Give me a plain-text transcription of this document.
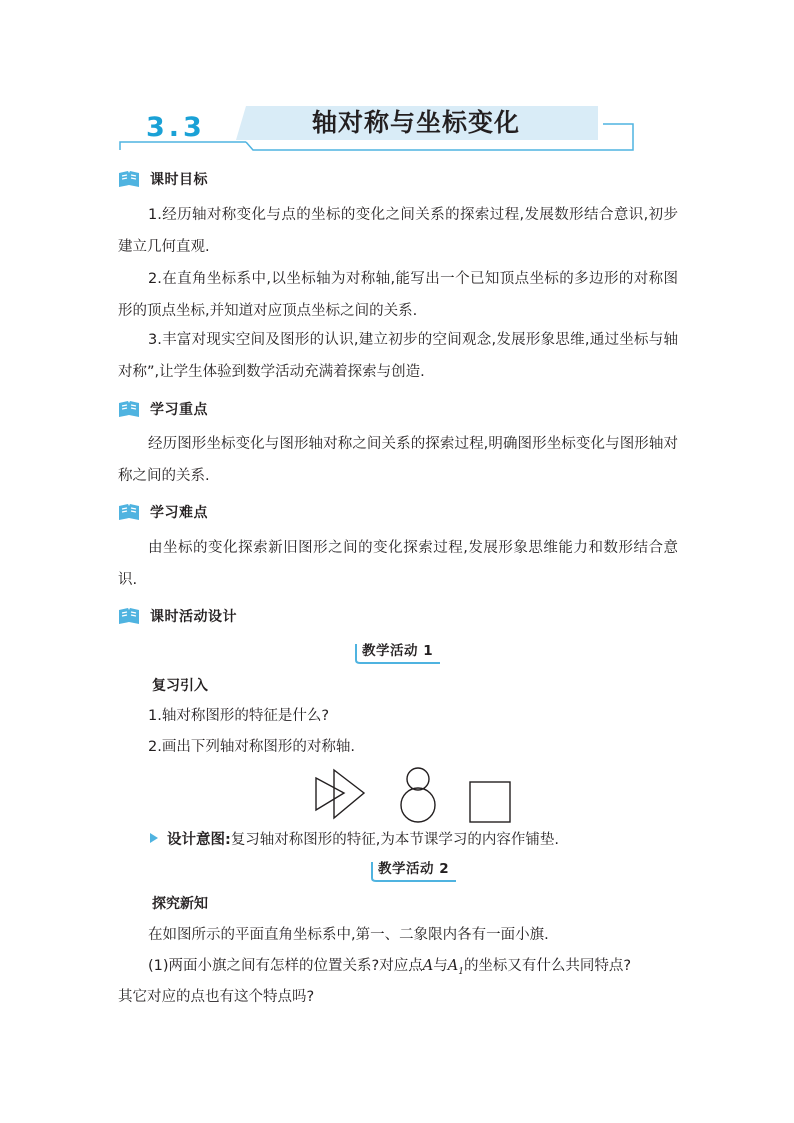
3.3	轴对称与坐标变化
课时目标
1.经历轴对称变化与点的坐标的变化之间关系的探索过程,发展数形结合意识,初步建立几何直观.
2.在直角坐标系中,以坐标轴为对称轴,能写出一个已知顶点坐标的多边形的对称图形的顶点坐标,并知道对应顶点坐标之间的关系.
3.丰富对现实空间及图形的认识,建立初步的空间观念,发展形象思维,通过坐标与轴对称”,让学生体验到数学活动充满着探索与创造.
学习重点
经历图形坐标变化与图形轴对称之间关系的探索过程,明确图形坐标变化与图形轴对称之间的关系.
学习难点
由坐标的变化探索新旧图形之间的变化探索过程,发展形象思维能力和数形结合意识.
课时活动设计
教学活动 1
复习引入
1.轴对称图形的特征是什么?
2.画出下列轴对称图形的对称轴.
设计意图:复习轴对称图形的特征,为本节课学习的内容作铺垫.
教学活动 2
探究新知
在如图所示的平面直角坐标系中,第一、二象限内各有一面小旗.
(1)两面小旗之间有怎样的位置关系?对应点A与$A_1$的坐标又有什么共同特点?
其它对应的点也有这个特点吗?
